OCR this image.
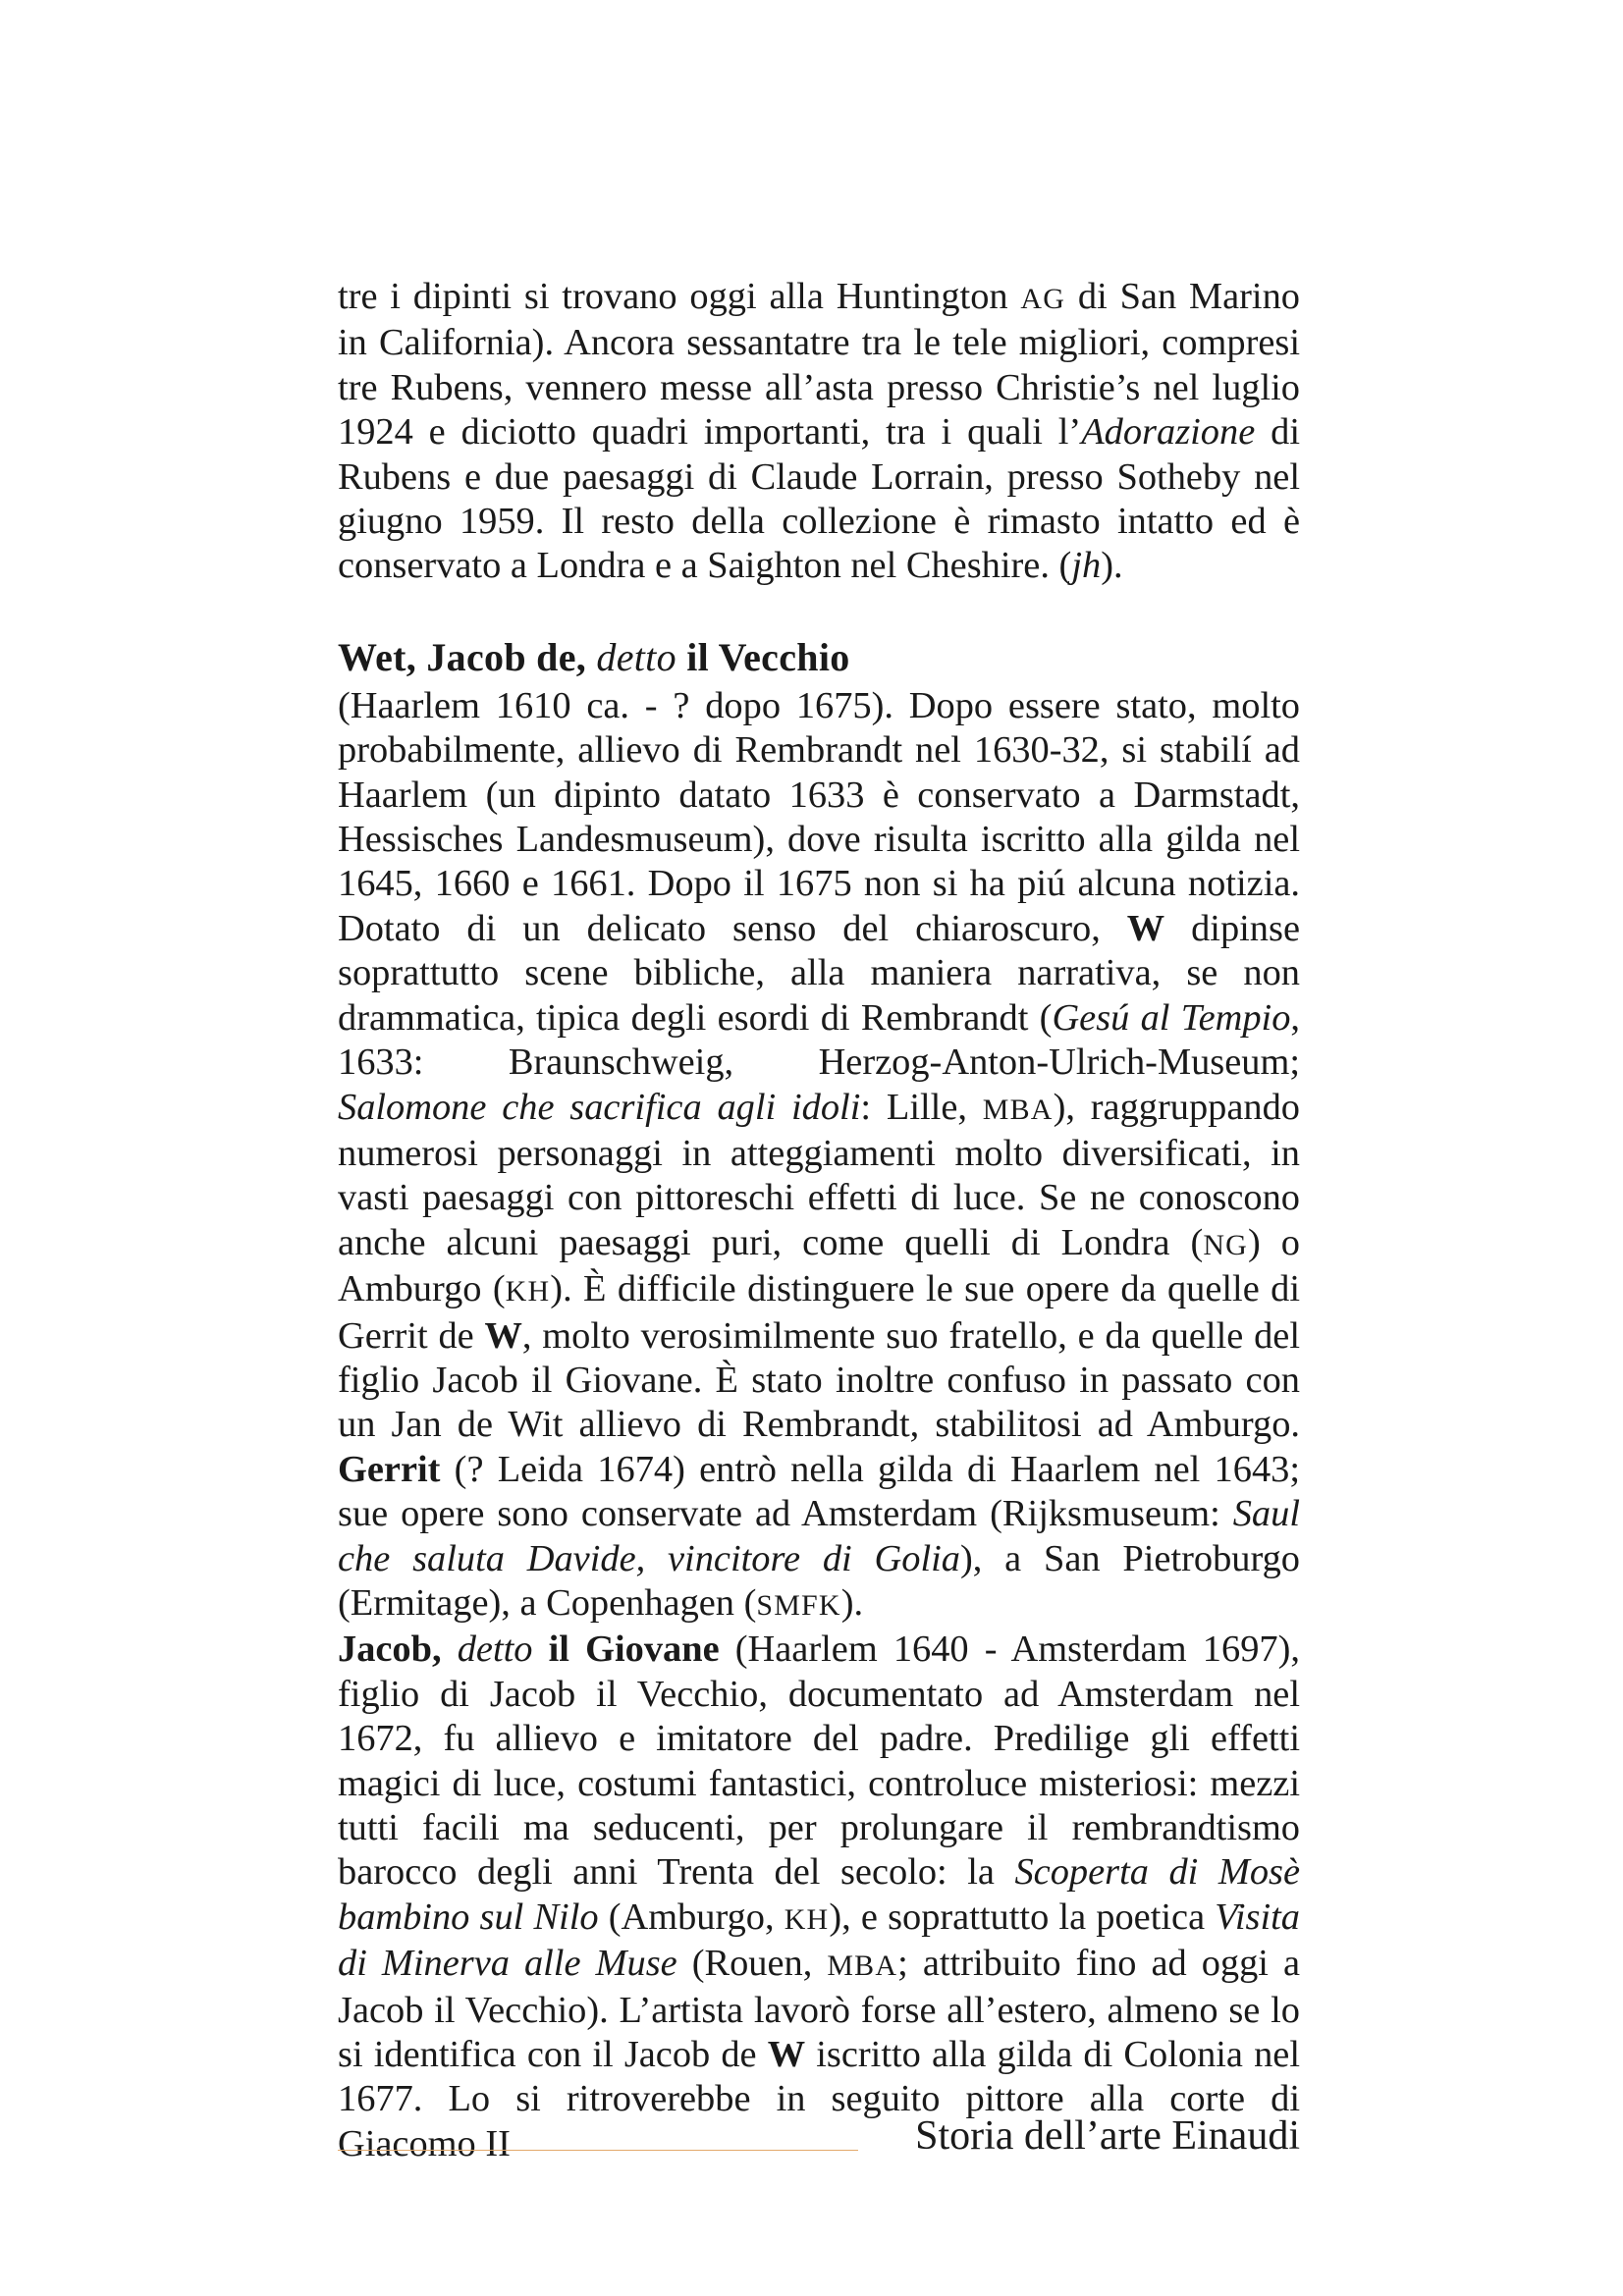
tre i dipinti si trovano oggi alla Huntington AG di San Marino in California). Ancora sessantatre tra le tele migliori, compresi tre Rubens, vennero messe all’asta presso Christie’s nel luglio 1924 e diciotto quadri importanti, tra i quali l’Adorazione di Rubens e due paesaggi di Claude Lorrain, presso Sotheby nel giugno 1959. Il resto della collezione è rimasto intatto ed è conservato a Londra e a Saighton nel Cheshire. (jh).

Wet, Jacob de, detto il Vecchio

(Haarlem 1610 ca. - ? dopo 1675). Dopo essere stato, molto probabilmente, allievo di Rembrandt nel 1630-32, si stabilí ad Haarlem (un dipinto datato 1633 è conservato a Darmstadt, Hessisches Landesmuseum), dove risulta iscritto alla gilda nel 1645, 1660 e 1661. Dopo il 1675 non si ha piú alcuna notizia. Dotato di un delicato senso del chiaroscuro, W dipinse soprattutto scene bibliche, alla maniera narrativa, se non drammatica, tipica degli esordi di Rembrandt (Gesú al Tempio, 1633: Braunschweig, Herzog-Anton-Ulrich-Museum; Salomone che sacrifica agli idoli: Lille, MBA), raggruppando numerosi personaggi in atteggiamenti molto diversificati, in vasti paesaggi con pittoreschi effetti di luce. Se ne conoscono anche alcuni paesaggi puri, come quelli di Londra (NG) o Amburgo (KH). È difficile distinguere le sue opere da quelle di Gerrit de W, molto verosimilmente suo fratello, e da quelle del figlio Jacob il Giovane. È stato inoltre confuso in passato con un Jan de Wit allievo di Rembrandt, stabilitosi ad Amburgo. Gerrit (? Leida 1674) entrò nella gilda di Haarlem nel 1643; sue opere sono conservate ad Amsterdam (Rijksmuseum: Saul che saluta Davide, vincitore di Golia), a San Pietroburgo (Ermitage), a Copenhagen (SMFK).

Jacob, detto il Giovane (Haarlem 1640 - Amsterdam 1697), figlio di Jacob il Vecchio, documentato ad Amsterdam nel 1672, fu allievo e imitatore del padre. Predilige gli effetti magici di luce, costumi fantastici, controluce misteriosi: mezzi tutti facili ma seducenti, per prolungare il rembrandtismo barocco degli anni Trenta del secolo: la Scoperta di Mosè bambino sul Nilo (Amburgo, KH), e soprattutto la poetica Visita di Minerva alle Muse (Rouen, MBA; attribuito fino ad oggi a Jacob il Vecchio). L’artista lavorò forse all’estero, almeno se lo si identifica con il Jacob de W iscritto alla gilda di Colonia nel 1677. Lo si ritroverebbe in seguito pittore alla corte di Giacomo II	Storia dell’arte Einaudi
